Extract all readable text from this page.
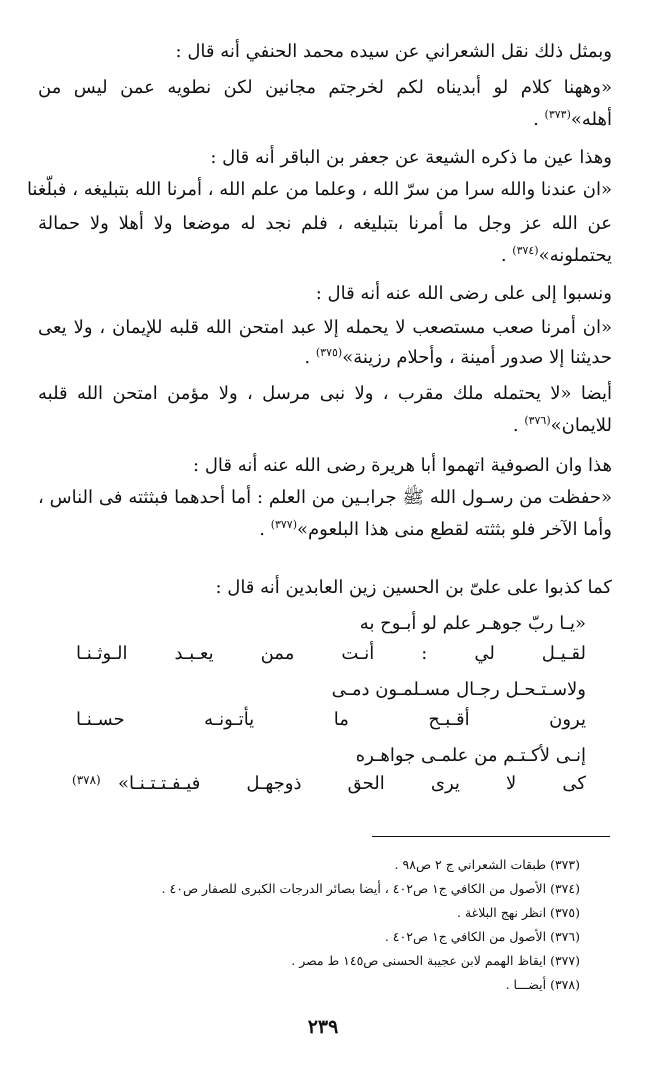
وبمثل ذلك نقل الشعراني عن سيده محمد الحنفي أنه قال :
«وههنا كلام لو أبديناه لكم لخرجتم مجانين لكن نطويه عمن ليس من
أهله»$^{(٣٧٣)}$ .
وهذا عين ما ذكره الشيعة عن جعفر بن الباقر أنه قال :
«ان عندنا والله سرا من سرّ الله ، وعلما من علم الله ، أمرنا الله بتبليغه ، فبلّغنا
عن الله عز وجل ما أمرنا بتبليغه ، فلم نجد له موضعا ولا أهلا ولا حمالة
يحتملونه»$^{(٣٧٤)}$ .
ونسبوا إلى على رضى الله عنه أنه قال :
«ان أمرنا صعب مستصعب لا يحمله إلا عبد امتحن الله قلبه للإيمان ، ولا يعى
حديثنا إلا صدور أمينة ، وأحلام رزينة»$^{(٣٧٥)}$ .
أيضا «لا يحتمله ملك مقرب ، ولا نبى مرسل ، ولا مؤمن امتحن الله قلبه
للايمان»$^{(٣٧٦)}$ .
هذا وان الصوفية اتهموا أبا هريرة رضى الله عنه أنه قال :
«حفظت من رسـول الله ﷺ جرابـين من العلم : أما أحدهما فبثثته فى الناس ،
وأما الآخر فلو بثثته لقطع منى هذا البلعوم»$^{(٣٧٧)}$ .
كما كذبوا على علىّ بن الحسين زين العابدين أنه قال :
«يـا ربّ جوهـر علم لو أبـوح به
لقـيـل لي : أنـت ممن يعـبـد الـوثـنـا
ولاسـتـحـل رجـال مسـلمـون دمـى
يرون أقـبـح ما يأتـونـه حسـنـا
إنـى لأكـتـم من علمـى جواهـره
كى لا يرى الحق ذوجهـل فيـفـتـتـنـا»
(٣٧٨)
(٣٧٣) طبقات الشعراني ج ٢ ص٩٨ .
(٣٧٤) الأصول من الكافي ج١ ص٤٠٢ ، أيضا بصائر الدرجات الكبرى للصفار ص٤٠ .
(٣٧٥) انظر نهج البلاغة .
(٣٧٦) الأصول من الكافي ج١ ص٤٠٢ .
(٣٧٧) ايقاظ الهمم لابن عجيبة الحسنى ص١٤٥ ط مصر .
(٣٧٨) أيضـــا .
٢٣٩
